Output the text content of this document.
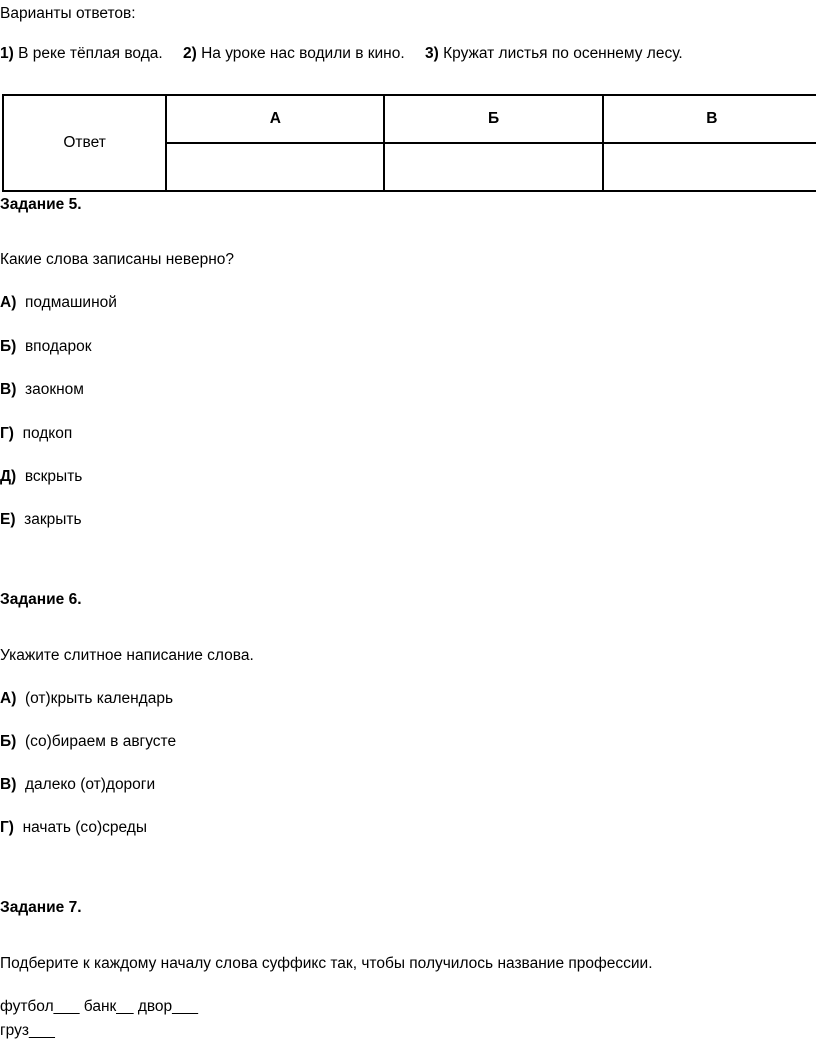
Варианты ответов:
1) В реке тёплая вода. 2) На уроке нас водили в кино. 3) Кружат листья по осеннему лесу.
Ответ	А	Б	В

Задание 5.
Какие слова записаны неверно?
А) подмашиной
Б) вподарок
В) заокном
Г) подкоп
Д) вскрыть
Е) закрыть
Задание 6.
Укажите слитное написание слова.
А) (от)крыть календарь
Б) (со)бираем в августе
В) далеко (от)дороги
Г) начать (со)среды
Задание 7.
Подберите к каждому началу слова суффикс так, чтобы получилось название профессии.
футбол___ банк__ двор___
груз___
